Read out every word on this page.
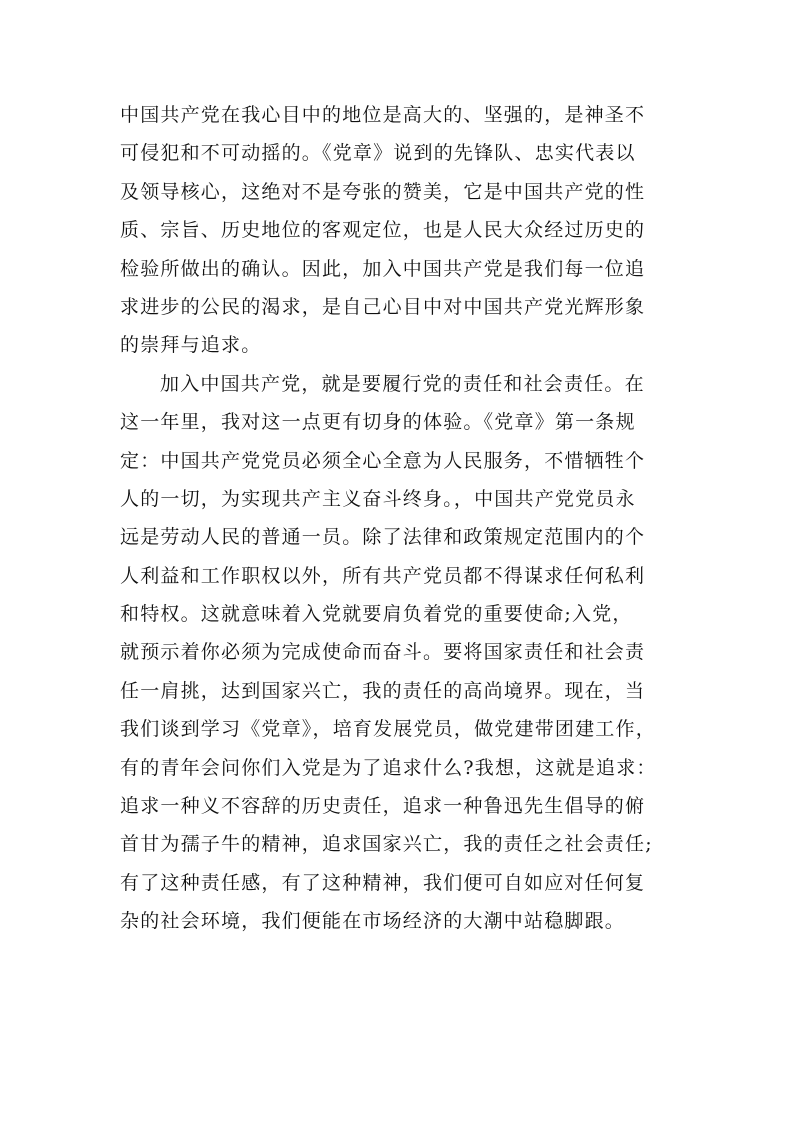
中国共产党在我心目中的地位是高大的、坚强的，是神圣不
可侵犯和不可动摇的。《党章》说到的先锋队、忠实代表以
及领导核心，这绝对不是夸张的赞美，它是中国共产党的性
质、宗旨、历史地位的客观定位，也是人民大众经过历史的
检验所做出的确认。因此，加入中国共产党是我们每一位追
求进步的公民的渴求，是自己心目中对中国共产党光辉形象
的崇拜与追求。
加入中国共产党，就是要履行党的责任和社会责任。在
这一年里，我对这一点更有切身的体验。《党章》第一条规
定：中国共产党党员必须全心全意为人民服务，不惜牺牲个
人的一切，为实现共产主义奋斗终身。，中国共产党党员永
远是劳动人民的普通一员。除了法律和政策规定范围内的个
人利益和工作职权以外，所有共产党员都不得谋求任何私利
和特权。这就意味着入党就要肩负着党的重要使命;入党，
就预示着你必须为完成使命而奋斗。要将国家责任和社会责
任一肩挑，达到国家兴亡，我的责任的高尚境界。现在，当
我们谈到学习《党章》，培育发展党员，做党建带团建工作，
有的青年会问你们入党是为了追求什么?我想，这就是追求：
追求一种义不容辞的历史责任，追求一种鲁迅先生倡导的俯
首甘为孺子牛的精神，追求国家兴亡，我的责任之社会责任;
有了这种责任感，有了这种精神，我们便可自如应对任何复
杂的社会环境，我们便能在市场经济的大潮中站稳脚跟。
